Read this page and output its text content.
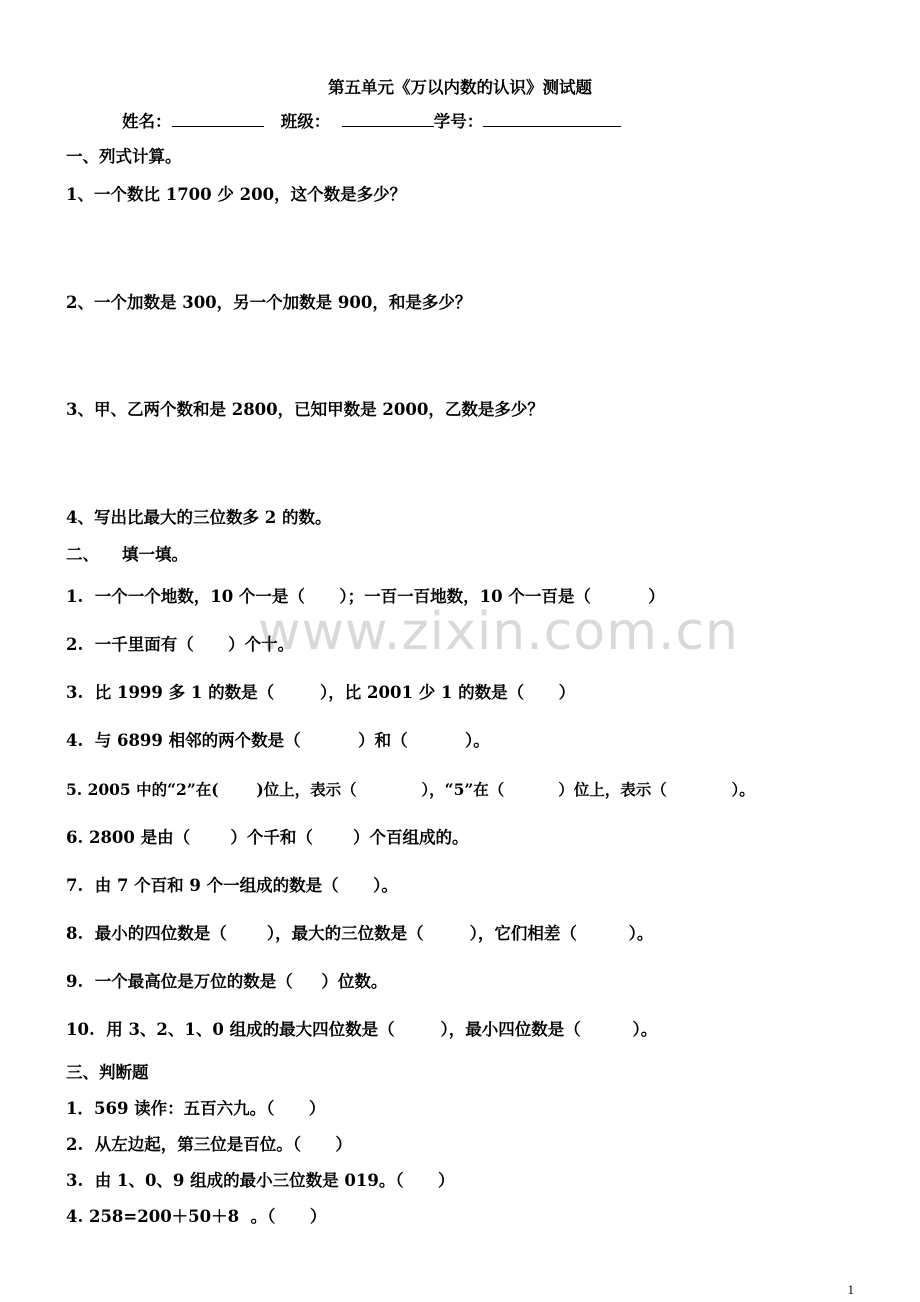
www.zixin.com.cn
第五单元《万以内数的认识》测试题
姓名：	班级：	学号：
一、列式计算。
1、一个数比 1700 少 200，这个数是多少？
2、一个加数是 300，另一个加数是 900，和是多少？
3、甲、乙两个数和是 2800，已知甲数是 2000，乙数是多少？
4、写出比最大的三位数多 2 的数。
二、    填一填。
1.  一个一个地数，10 个一是（      ）；一百一百地数，10 个一百是（          ）
2.  一千里面有（      ）个十。
3.  比 1999 多 1 的数是（        ），比 2001 少 1 的数是（      ）
4.  与 6899 相邻的两个数是（          ）和（          ）。
5. 2005 中的“2”在(       )位上，表示（            ），“5”在（          ）位上，表示（            ）。
6. 2800 是由（       ）个千和（       ）个百组成的。
7.  由 7 个百和 9 个一组成的数是（      ）。
8.  最小的四位数是（       ），最大的三位数是（        ），它们相差（         ）。
9.  一个最高位是万位的数是（     ）位数。
10.  用 3、2、1、0 组成的最大四位数是（        ），最小四位数是（         ）。
三、判断题
1．569 读作：五百六九。（      ）
2.  从左边起，第三位是百位。（      ）
3.  由 1、0、9 组成的最小三位数是 019。（      ）
4. 258=200＋50＋8  。（      ）
1
